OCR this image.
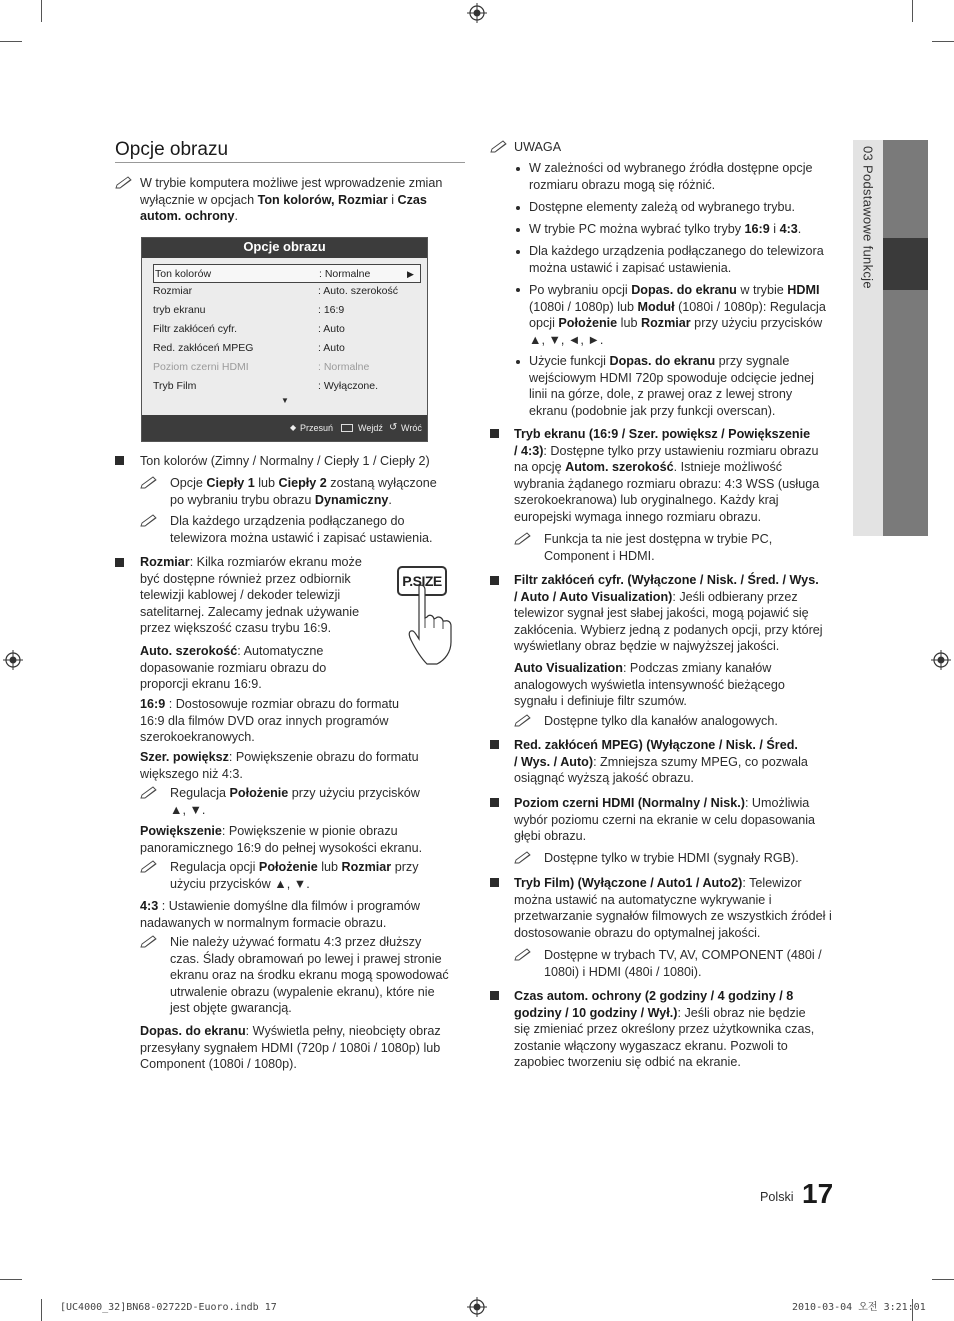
03 Podstawowe funkcje
Opcje obrazu
W trybie komputera możliwe jest wprowadzenie zmian
wyłącznie w opcjach Ton kolorów, Rozmiar i Czas
autom. ochrony.
Opcje obrazu
Ton kolorów	: Normalne	▶
Rozmiar	: Auto. szerokość
tryb ekranu	: 16:9
Filtr zakłóceń cyfr.	: Auto
Red. zakłóceń MPEG	: Auto
Poziom czerni HDMI	: Normalne
Tryb Film	: Wyłączone.
▼
◆ Przesuń	Wejdź ↺ Wróć
Ton kolorów (Zimny / Normalny / Ciepły 1 / Ciepły 2)
Opcje Ciepły 1 lub Ciepły 2 zostaną wyłączone
po wybraniu trybu obrazu Dynamiczny.
Dla każdego urządzenia podłączanego do
telewizora można ustawić i zapisać ustawienia.
Rozmiar: Kilka rozmiarów ekranu może
być dostępne również przez odbiornik
telewizji kablowej / dekoder telewizji
satelitarnej. Zalecamy jednak używanie
przez większość czasu trybu 16:9.
P.SIZE
Auto. szerokość: Automatyczne
dopasowanie rozmiaru obrazu do
proporcji ekranu 16:9.
16:9 : Dostosowuje rozmiar obrazu do formatu
16:9 dla filmów DVD oraz innych programów
szerokoekranowych.
Szer. powiększ: Powiększenie obrazu do formatu
większego niż 4:3.
Regulacja Położenie przy użyciu przycisków
▲, ▼.
Powiększenie: Powiększenie w pionie obrazu
panoramicznego 16:9 do pełnej wysokości ekranu.
Regulacja opcji Położenie lub Rozmiar przy
użyciu przycisków ▲, ▼.
4:3 : Ustawienie domyślne dla filmów i programów
nadawanych w normalnym formacie obrazu.
Nie należy używać formatu 4:3 przez dłuższy
czas. Ślady obramowań po lewej i prawej stronie
ekranu oraz na środku ekranu mogą spowodować
utrwalenie obrazu (wypalenie ekranu), które nie
jest objęte gwarancją.
Dopas. do ekranu: Wyświetla pełny, nieobcięty obraz
przesyłany sygnałem HDMI (720p / 1080i / 1080p) lub
Component (1080i / 1080p).
UWAGA
W zależności od wybranego źródła dostępne opcje
rozmiaru obrazu mogą się różnić.
Dostępne elementy zależą od wybranego trybu.
W trybie PC można wybrać tylko tryby 16:9 i 4:3.
Dla każdego urządzenia podłączanego do telewizora
można ustawić i zapisać ustawienia.
Po wybraniu opcji Dopas. do ekranu w trybie HDMI
(1080i / 1080p) lub Moduł (1080i / 1080p): Regulacja
opcji Położenie lub Rozmiar przy użyciu przycisków
▲, ▼, ◄, ►.
Użycie funkcji Dopas. do ekranu przy sygnale
wejściowym HDMI 720p spowoduje odcięcie jednej
linii na górze, dole, z prawej oraz z lewej strony
ekranu (podobnie jak przy funkcji overscan).
Tryb ekranu (16:9 / Szer. powiększ / Powiększenie
/ 4:3): Dostępne tylko przy ustawieniu rozmiaru obrazu
na opcję Autom. szerokość. Istnieje możliwość
wybrania żądanego rozmiaru obrazu: 4:3 WSS (usługa
szerokoekranowa) lub oryginalnego. Każdy kraj
europejski wymaga innego rozmiaru obrazu.
Funkcja ta nie jest dostępna w trybie PC,
Component i HDMI.
Filtr zakłóceń cyfr. (Wyłączone / Nisk. / Śred. / Wys.
/ Auto / Auto Visualization): Jeśli odbierany przez
telewizor sygnał jest słabej jakości, mogą pojawić się
zakłócenia. Wybierz jedną z podanych opcji, przy której
wyświetlany obraz będzie w najwyższej jakości.
Auto Visualization: Podczas zmiany kanałów
analogowych wyświetla intensywność bieżącego
sygnału i definiuje filtr szumów.
Dostępne tylko dla kanałów analogowych.
Red. zakłóceń MPEG) (Wyłączone / Nisk. / Śred.
/ Wys. / Auto): Zmniejsza szumy MPEG, co pozwala
osiągnąć wyższą jakość obrazu.
Poziom czerni HDMI (Normalny / Nisk.): Umożliwia
wybór poziomu czerni na ekranie w celu dopasowania
głębi obrazu.
Dostępne tylko w trybie HDMI (sygnały RGB).
Tryb Film) (Wyłączone / Auto1 / Auto2): Telewizor
można ustawić na automatyczne wykrywanie i
przetwarzanie sygnałów filmowych ze wszystkich źródeł i
dostosowanie obrazu do optymalnej jakości.
Dostępne w trybach TV, AV, COMPONENT (480i /
1080i) i HDMI (480i / 1080i).
Czas autom. ochrony (2 godziny / 4 godziny / 8
godziny / 10 godziny / Wył.): Jeśli obraz nie będzie
się zmieniać przez określony przez użytkownika czas,
zostanie włączony wygaszacz ekranu. Pozwoli to
zapobiec tworzeniu się odbić na ekranie.
Polski 17
[UC4000_32]BN68-02722D-Euoro.indb 17	2010-03-04 오전 3:21:01
